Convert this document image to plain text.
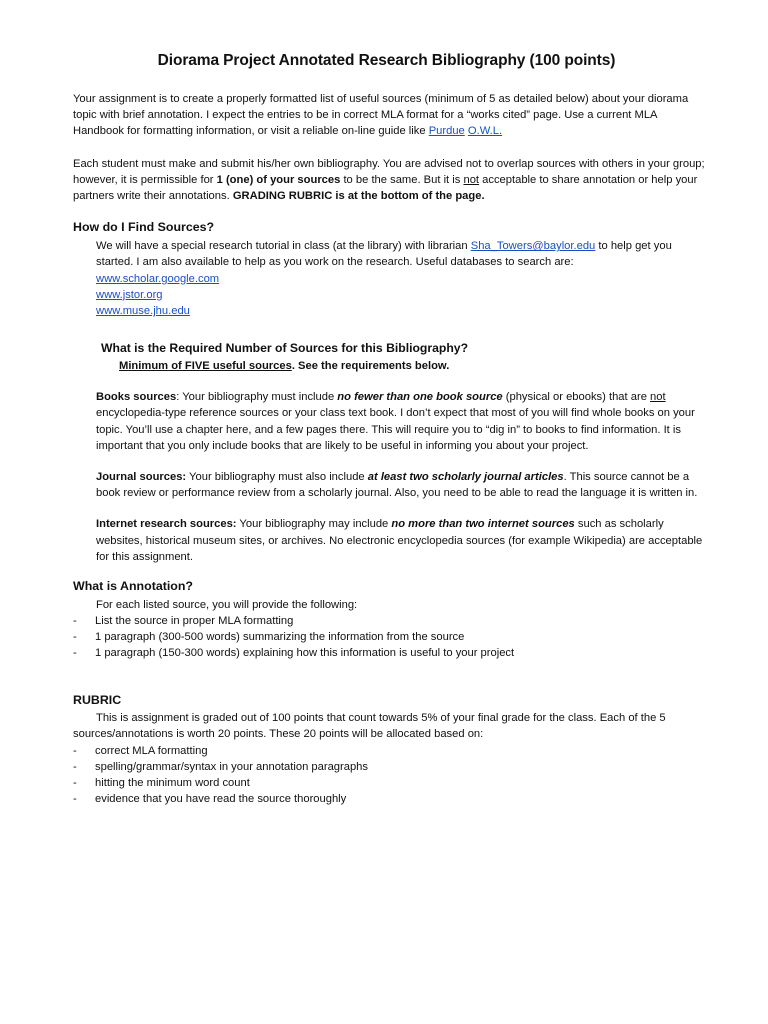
Diorama Project Annotated Research Bibliography (100 points)

Your assignment is to create a properly formatted list of useful sources (minimum of 5 as detailed below) about your diorama topic with brief annotation. I expect the entries to be in correct MLA format for a “works cited” page. Use a current MLA Handbook for formatting information, or visit a reliable on-line guide like Purdue O.W.L.

Each student must make and submit his/her own bibliography. You are advised not to overlap sources with others in your group; however, it is permissible for 1 (one) of your sources to be the same. But it is not acceptable to share annotation or help your partners write their annotations. GRADING RUBRIC is at the bottom of the page.

How do I Find Sources?

We will have a special research tutorial in class (at the library) with librarian Sha_Towers@baylor.edu to help get you started. I am also available to help as you work on the research. Useful databases to search are:

www.scholar.google.com

www.jstor.org

www.muse.jhu.edu

What is the Required Number of Sources for this Bibliography?

Minimum of FIVE useful sources. See the requirements below.

Books sources: Your bibliography must include no fewer than one book source (physical or ebooks) that are not encyclopedia-type reference sources or your class text book. I don’t expect that most of you will find whole books on your topic. You’ll use a chapter here, and a few pages there. This will require you to “dig in” to books to find information. It is important that you only include books that are likely to be useful in informing you about your project.

Journal sources: Your bibliography must also include at least two scholarly journal articles. This source cannot be a book review or performance review from a scholarly journal. Also, you need to be able to read the language it is written in.

Internet research sources: Your bibliography may include no more than two internet sources such as scholarly websites, historical museum sites, or archives. No electronic encyclopedia sources (for example Wikipedia) are acceptable for this assignment.

What is Annotation?

For each listed source, you will provide the following:

-	List the source in proper MLA formatting
-	1 paragraph (300-500 words) summarizing the information from the source
-	1 paragraph (150-300 words) explaining how this information is useful to your project
RUBRIC

This is assignment is graded out of 100 points that count towards 5% of your final grade for the class. Each of the 5 sources/annotations is worth 20 points. These 20 points will be allocated based on:

-	correct MLA formatting
-	spelling/grammar/syntax in your annotation paragraphs
-	hitting the minimum word count
-	evidence that you have read the source thoroughly
